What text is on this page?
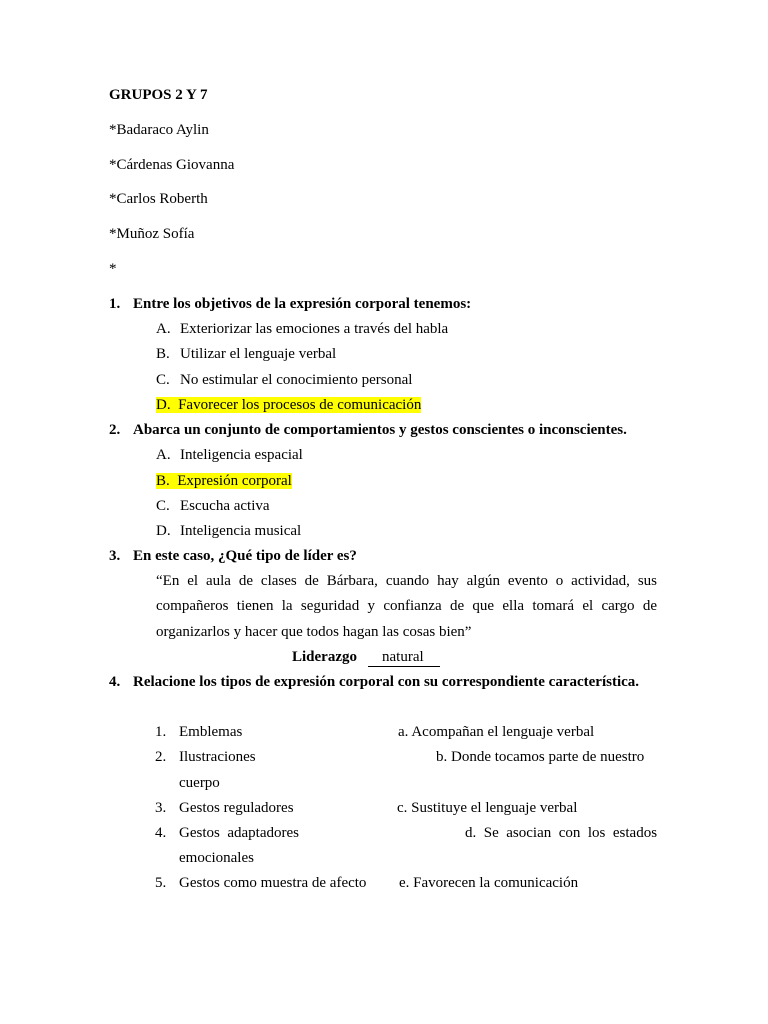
GRUPOS 2 Y 7
*Badaraco Aylin
*Cárdenas Giovanna
*Carlos Roberth
*Muñoz Sofía
*
1. Entre los objetivos de la expresión corporal tenemos:
A. Exteriorizar las emociones a través del habla
B. Utilizar el lenguaje verbal
C. No estimular el conocimiento personal
D. Favorecer los procesos de comunicación
2. Abarca un conjunto de comportamientos y gestos conscientes o inconscientes.
A. Inteligencia espacial
B. Expresión corporal
C. Escucha activa
D. Inteligencia musical
3. En este caso, ¿Qué tipo de líder es?
“En el aula de clases de Bárbara, cuando hay algún evento o actividad, sus
compañeros tienen la seguridad y confianza de que ella tomará el cargo de
organizarlos y hacer que todos hagan las cosas bien”
Liderazgo	natural
4. Relacione los tipos de expresión corporal con su correspondiente característica.
1. Emblemas	a. Acompañan el lenguaje verbal
2. Ilustraciones	b. Donde tocamos parte de nuestro
cuerpo
3. Gestos reguladores	c. Sustituye el lenguaje verbal
4. Gestos  adaptadores	d.  Se  asocian  con  los  estados
emocionales
5. Gestos como muestra de afecto e. Favorecen la comunicación
